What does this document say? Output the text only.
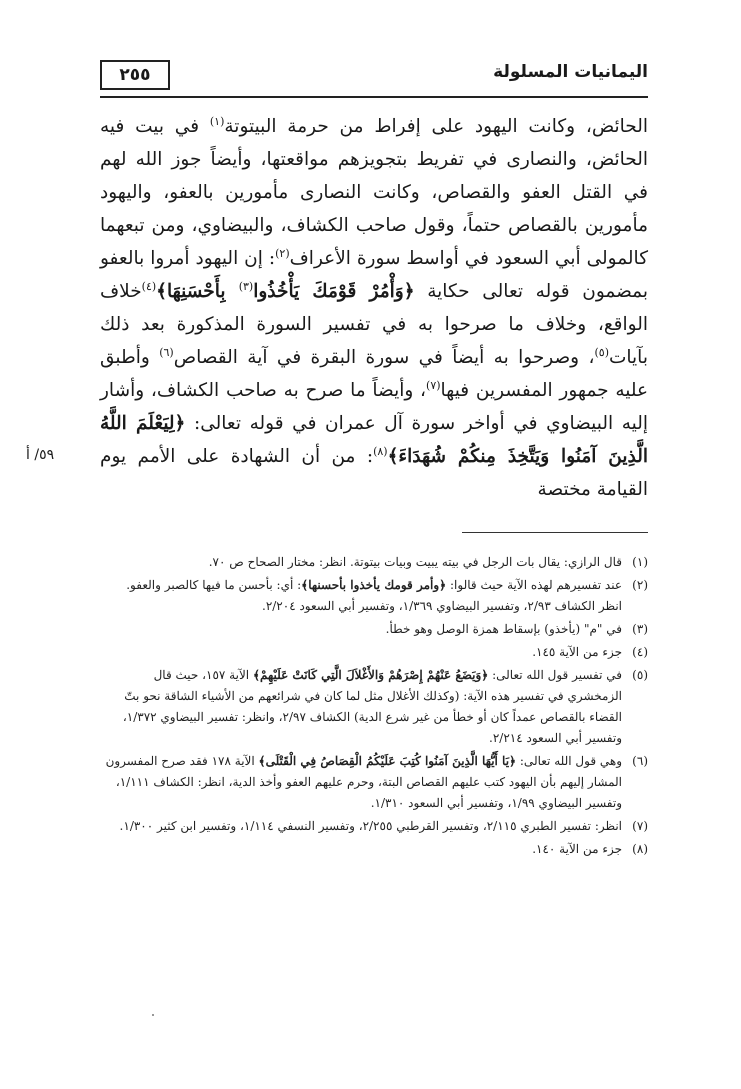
٢٥٥	اليمانيات المسلولة
الحائض، وكانت اليهود على إفراط من حرمة البيتوتة$^{(١)}$ في بيت فيه الحائض، والنصارى في تفريط بتجويزهم مواقعتها، وأيضاً جوز الله لهم في القتل العفو والقصاص، وكانت النصارى مأمورين بالعفو، واليهود مأمورين بالقصاص حتماً، وقول صاحب الكشاف، والبيضاوي، ومن تبعهما كالمولى أبي السعود في أواسط سورة الأعراف$^{(٢)}$: إن اليهود أمروا بالعفو بمضمون قوله تعالى حكاية ﴿وَأْمُرْ قَوْمَكَ يَأْخُذُوا$^{(٣)}$ بِأَحْسَنِهَا﴾$^{(٤)}$خلاف الواقع، وخلاف ما صرحوا به في تفسير السورة المذكورة بعد ذلك بآيات$^{(٥)}$، وصرحوا به أيضاً في سورة البقرة في آية القصاص$^{(٦)}$ وأطبق عليه جمهور المفسرين فيها$^{(٧)}$، وأيضاً ما صرح به صاحب الكشاف، وأشار إليه البيضاوي في أواخر سورة آل عمران في قوله تعالى: ﴿لِيَعْلَمَ اللَّهُ الَّذِينَ آمَنُوا وَيَتَّخِذَ مِنكُمْ شُهَدَاءَ﴾$^{(٨)}$: من أن الشهادة على الأمم يوم القيامة مختصة
٥٩/ أ
(١)
قال الرازي: يقال بات الرجل في بيته يبيت وبيات بيتوتة. انظر: مختار الصحاح ص ٧٠.
(٢)
عند تفسيرهم لهذه الآية حيث قالوا: ﴿وأمر قومك يأخذوا بأحسنها﴾: أي: بأحسن ما فيها كالصبر والعفو. انظر الكشاف ٢/٩٣، وتفسير البيضاوي ١/٣٦٩، وتفسير أبي السعود ٢/٢٠٤.
(٣)
في "م" (يأخذو) بإسقاط همزة الوصل وهو خطأ.
(٤)
جزء من الآية ١٤٥.
(٥)
في تفسير قول الله تعالى: ﴿وَيَضَعُ عَنْهُمْ إِصْرَهُمْ وَالأَغْلاَلَ الَّتِي كَانَتْ عَلَيْهِمْ﴾ الآية ١٥٧، حيث قال الزمخشري في تفسير هذه الآية: (وكذلك الأغلال مثل لما كان في شرائعهم من الأشياء الشاقة نحو بتّ القضاء بالقصاص عمداً كان أو خطأ من غير شرع الدية) الكشاف ٢/٩٧، وانظر: تفسير البيضاوي ١/٣٧٢، وتفسير أبي السعود ٢/٢١٤.
(٦)
وهي قول الله تعالى: ﴿يَا أَيُّهَا الَّذِينَ آمَنُوا كُتِبَ عَلَيْكُمُ الْقِصَاصُ فِي الْقَتْلَى﴾ الآية ١٧٨ فقد صرح المفسرون المشار إليهم بأن اليهود كتب عليهم القصاص البتة، وحرم عليهم العفو وأخذ الدية، انظر: الكشاف ١/١١١، وتفسير البيضاوي ١/٩٩، وتفسير أبي السعود ١/٣١٠.
(٧)
انظر: تفسير الطبري ٢/١١٥، وتفسير القرطبي ٢/٢٥٥، وتفسير النسفي ١/١١٤، وتفسير ابن كثير ١/٣٠٠.
(٨)
جزء من الآية ١٤٠.
